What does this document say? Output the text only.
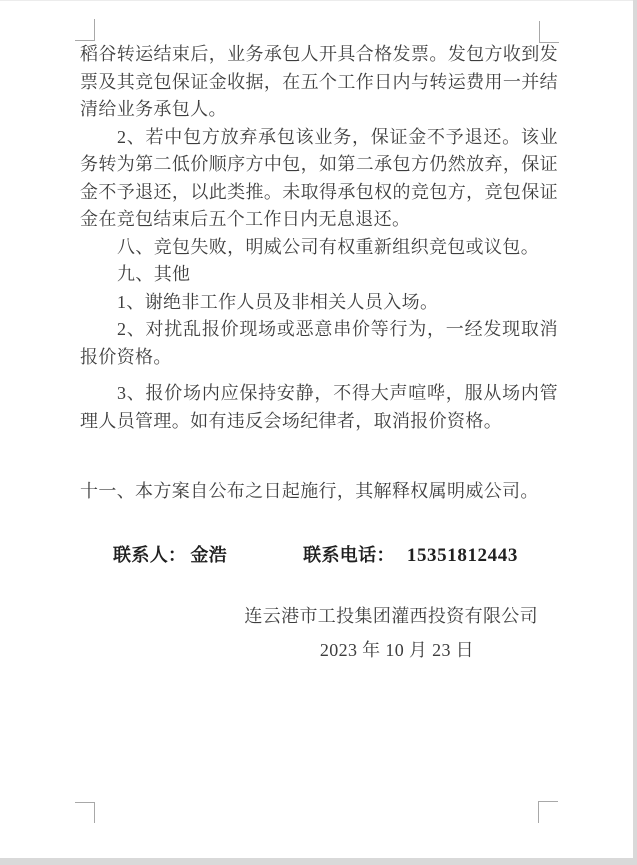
稻谷转运结束后，业务承包人开具合格发票。发包方收到发票及其竞包保证金收据，在五个工作日内与转运费用一并结清给业务承包人。

2、若中包方放弃承包该业务，保证金不予退还。该业务转为第二低价顺序方中包，如第二承包方仍然放弃，保证金不予退还，以此类推。未取得承包权的竞包方，竞包保证金在竞包结束后五个工作日内无息退还。

八、竞包失败，明威公司有权重新组织竞包或议包。

九、其他

1、谢绝非工作人员及非相关人员入场。

2、对扰乱报价现场或恶意串价等行为，一经发现取消报价资格。

3、报价场内应保持安静，不得大声喧哗，服从场内管理人员管理。如有违反会场纪律者，取消报价资格。

十一、本方案自公布之日起施行，其解释权属明威公司。

联系人： 金浩	联系电话： 15351812443

连云港市工投集团灌西投资有限公司

2023 年 10 月 23 日
